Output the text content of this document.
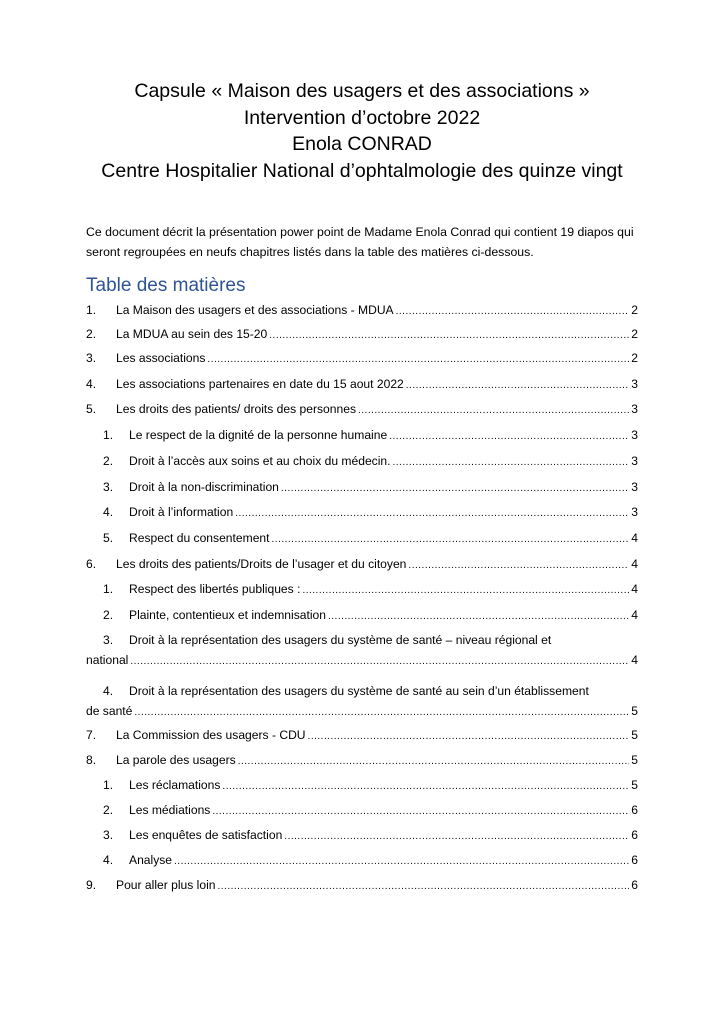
Capsule « Maison des usagers et des associations »
Intervention d’octobre 2022
Enola CONRAD
Centre Hospitalier National d’ophtalmologie des quinze vingt
Ce document décrit la présentation power point de Madame Enola Conrad qui contient 19 diapos qui seront regroupées en neufs chapitres listés dans la table des matières ci-dessous.
Table des matières
1.	La Maison des usagers et des associations - MDUA .....	2
2.	La MDUA au sein des 15-20 .....	2
3.	Les associations .....	2
4.	Les associations partenaires en date du 15 aout 2022 .....	3
5.	Les droits des patients/ droits des personnes .....	3
1.	Le respect de la dignité de la personne humaine .....	3
2.	Droit à l’accès aux soins et au choix du médecin. .....	3
3.	Droit à la non-discrimination .....	3
4.	Droit à l’information .....	3
5.	Respect du consentement .....	4
6.	Les droits des patients/Droits de l’usager et du citoyen .....	4
1.	Respect des libertés publiques : .....	4
2.	Plainte, contentieux et indemnisation .....	4
3.	Droit à la représentation des usagers du système de santé – niveau régional et
national .....	4
4.	Droit à la représentation des usagers du système de santé au sein d’un établissement
de santé .....	5
7.	La Commission des usagers - CDU .....	5
8.	La parole des usagers .....	5
1.	Les réclamations .....	5
2.	Les médiations .....	6
3.	Les enquêtes de satisfaction .....	6
4.	Analyse .....	6
9.	Pour aller plus loin .....	6
